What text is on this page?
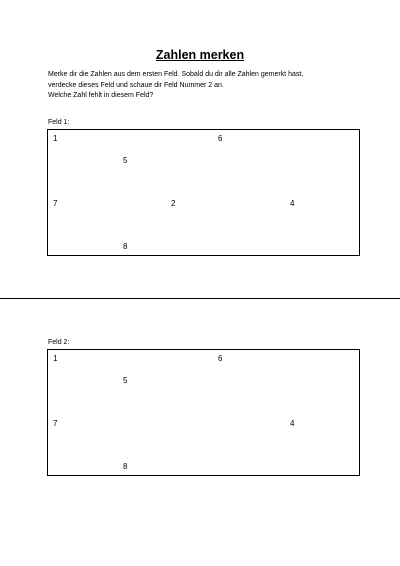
Zahlen merken
Merke dir die Zahlen aus dem ersten Feld. Sobald du dir alle Zahlen gemerkt hast,
verdecke dieses Feld und schaue dir Feld Nummer 2 an.
Welche Zahl fehlt in diesem Feld?
Feld 1:
1	6
5
7	2	4
8
Feld 2:
1	6
5
7	4
8
